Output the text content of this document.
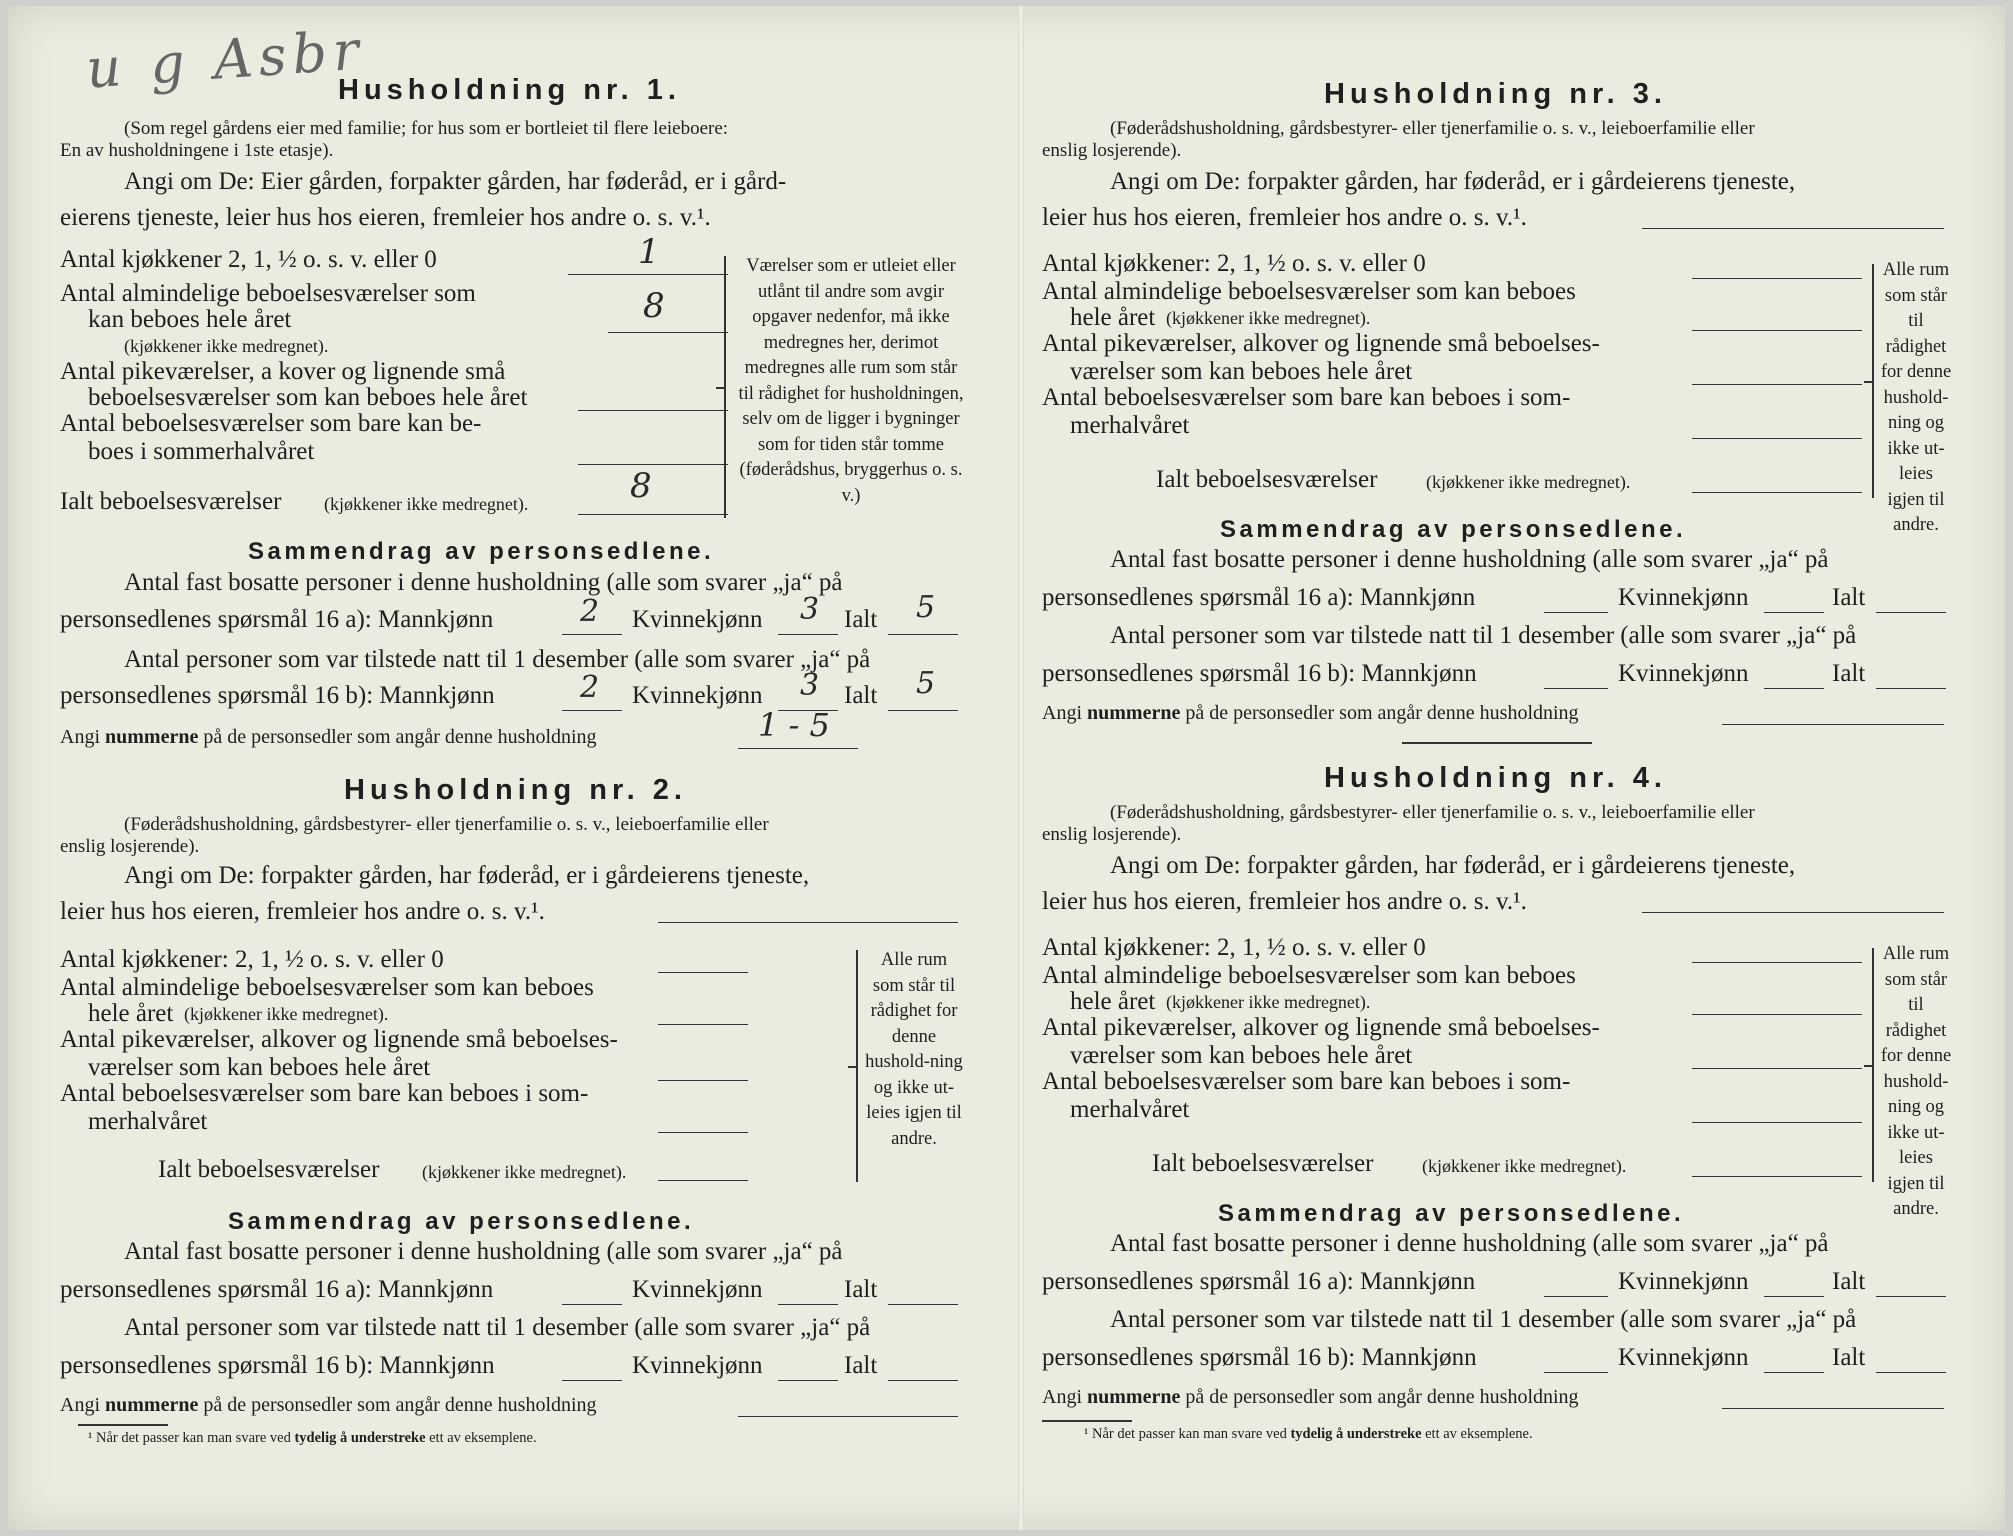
u g Asbr
Husholdning nr. 1.
(Som regel gårdens eier med familie; for hus som er bortleiet til flere leieboere:
En av husholdningene i 1ste etasje).
Angi om De: Eier gården, forpakter gården, har føderåd, er i gård-
eierens tjeneste, leier hus hos eieren, fremleier hos andre o. s. v.¹.
Antal kjøkkener 2, 1, ½ o. s. v. eller 0	1
Antal almindelige beboelsesværelser som
kan beboes hele året	8
(kjøkkener ikke medregnet).
Antal pikeværelser, a kover og lignende små
beboelsesværelser som kan beboes hele året
Antal beboelsesværelser som bare kan be-
boes i sommerhalvåret
Ialt beboelsesværelser (kjøkkener ikke medregnet).	8
Værelser som er utleiet eller utlånt til andre som avgir opgaver nedenfor, må ikke medregnes her, derimot medregnes alle rum som står til rådighet for husholdningen, selv om de ligger i bygninger som for tiden står tomme (føderådshus, bryggerhus o. s. v.)
Sammendrag av personsedlene.
Antal fast bosatte personer i denne husholdning (alle som svarer „ja“ på
personsedlenes spørsmål 16 a): Mannkjønn	2 Kvinnekjønn 3 Ialt 5
Antal personer som var tilstede natt til 1 desember (alle som svarer „ja“ på
personsedlenes spørsmål 16 b): Mannkjønn	2 Kvinnekjønn 3 Ialt 5
Angi nummerne på de personsedler som angår denne husholdning	1 - 5
Husholdning nr. 2.
(Føderådshusholdning, gårdsbestyrer- eller tjenerfamilie o. s. v., leieboerfamilie eller
enslig losjerende).
Angi om De: forpakter gården, har føderåd, er i gårdeierens tjeneste,
leier hus hos eieren, fremleier hos andre o. s. v.¹.
Antal kjøkkener: 2, 1, ½ o. s. v. eller 0
Antal almindelige beboelsesværelser som kan beboes
hele året (kjøkkener ikke medregnet).
Antal pikeværelser, alkover og lignende små beboelses-
værelser som kan beboes hele året
Antal beboelsesværelser som bare kan beboes i som-
merhalvåret
Ialt beboelsesværelser (kjøkkener ikke medregnet).
Alle rum som står til rådighet for denne hushold-ning og ikke ut-leies igjen til andre.
Sammendrag av personsedlene.
Antal fast bosatte personer i denne husholdning (alle som svarer „ja“ på
personsedlenes spørsmål 16 a): Mannkjønn	Kvinnekjønn	Ialt
Antal personer som var tilstede natt til 1 desember (alle som svarer „ja“ på
personsedlenes spørsmål 16 b): Mannkjønn	Kvinnekjønn	Ialt
Angi nummerne på de personsedler som angår denne husholdning
¹ Når det passer kan man svare ved tydelig å understreke ett av eksemplene.
Husholdning nr. 3.
(Føderådshusholdning, gårdsbestyrer- eller tjenerfamilie o. s. v., leieboerfamilie eller
enslig losjerende).
Angi om De: forpakter gården, har føderåd, er i gårdeierens tjeneste,
leier hus hos eieren, fremleier hos andre o. s. v.¹.
Antal kjøkkener: 2, 1, ½ o. s. v. eller 0
Antal almindelige beboelsesværelser som kan beboes
hele året (kjøkkener ikke medregnet).
Antal pikeværelser, alkover og lignende små beboelses-
værelser som kan beboes hele året
Antal beboelsesværelser som bare kan beboes i som-
merhalvåret
Ialt beboelsesværelser	(kjøkkener ikke medregnet).
Alle rum som står til rådighet for denne hushold-ning og ikke ut-leies igjen til andre.
Sammendrag av personsedlene.
Antal fast bosatte personer i denne husholdning (alle som svarer „ja“ på
personsedlenes spørsmål 16 a): Mannkjønn	Kvinnekjønn	Ialt
Antal personer som var tilstede natt til 1 desember (alle som svarer „ja“ på
personsedlenes spørsmål 16 b): Mannkjønn	Kvinnekjønn	Ialt
Angi nummerne på de personsedler som angår denne husholdning
Husholdning nr. 4.
(Føderådshusholdning, gårdsbestyrer- eller tjenerfamilie o. s. v., leieboerfamilie eller
enslig losjerende).
Angi om De: forpakter gården, har føderåd, er i gårdeierens tjeneste,
leier hus hos eieren, fremleier hos andre o. s. v.¹.
Antal kjøkkener: 2, 1, ½ o. s. v. eller 0
Antal almindelige beboelsesværelser som kan beboes
hele året (kjøkkener ikke medregnet).
Antal pikeværelser, alkover og lignende små beboelses-
værelser som kan beboes hele året
Antal beboelsesværelser som bare kan beboes i som-
merhalvåret
Ialt beboelsesværelser	(kjøkkener ikke medregnet).
Alle rum som står til rådighet for denne hushold-ning og ikke ut-leies igjen til andre.
Sammendrag av personsedlene.
Antal fast bosatte personer i denne husholdning (alle som svarer „ja“ på
personsedlenes spørsmål 16 a): Mannkjønn	Kvinnekjønn	Ialt
Antal personer som var tilstede natt til 1 desember (alle som svarer „ja“ på
personsedlenes spørsmål 16 b): Mannkjønn	Kvinnekjønn	Ialt
Angi nummerne på de personsedler som angår denne husholdning
¹ Når det passer kan man svare ved tydelig å understreke ett av eksemplene.
